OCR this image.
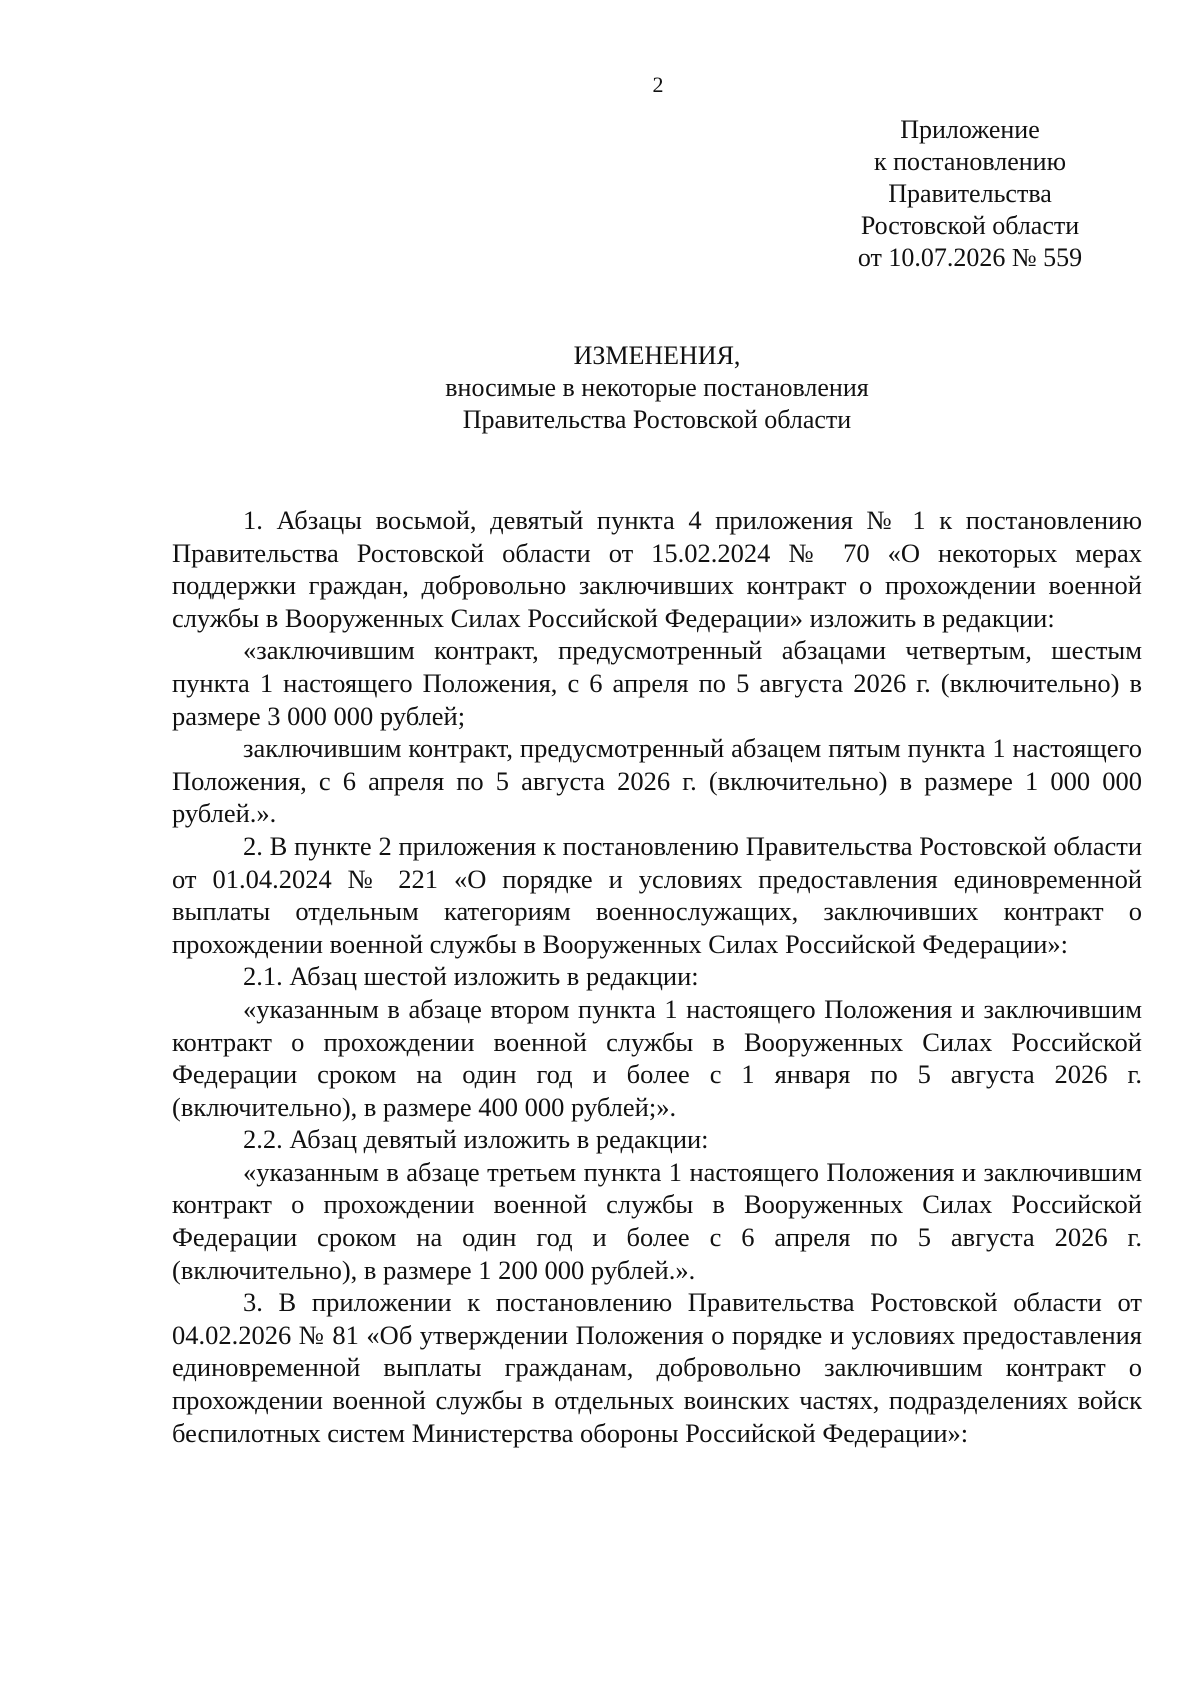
2
Приложение
к постановлению
Правительства
Ростовской области
от 10.07.2026 № 559
ИЗМЕНЕНИЯ,
вносимые в некоторые постановления
Правительства Ростовской области

1. Абзацы восьмой, девятый пункта 4 приложения № 1 к постановлению Правительства Ростовской области от 15.02.2024 № 70 «О некоторых мерах поддержки граждан, добровольно заключивших контракт о прохождении военной службы в Вооруженных Силах Российской Федерации» изложить в редакции:

«заключившим контракт, предусмотренный абзацами четвертым, шестым пункта 1 настоящего Положения, с 6 апреля по 5 августа 2026 г. (включительно) в размере 3 000 000 рублей;

заключившим контракт, предусмотренный абзацем пятым пункта 1 настоящего Положения, с 6 апреля по 5 августа 2026 г. (включительно) в размере 1 000 000 рублей.».

2. В пункте 2 приложения к постановлению Правительства Ростовской области от 01.04.2024 № 221 «О порядке и условиях предоставления единовременной выплаты отдельным категориям военнослужащих, заключивших контракт о прохождении военной службы в Вооруженных Силах Российской Федерации»:

2.1. Абзац шестой изложить в редакции:

«указанным в абзаце втором пункта 1 настоящего Положения и заключившим контракт о прохождении военной службы в Вооруженных Силах Российской Федерации сроком на один год и более с 1 января по 5 августа 2026 г. (включительно), в размере 400 000 рублей;».

2.2. Абзац девятый изложить в редакции:

«указанным в абзаце третьем пункта 1 настоящего Положения и заключившим контракт о прохождении военной службы в Вооруженных Силах Российской Федерации сроком на один год и более с 6 апреля по 5 августа 2026 г. (включительно), в размере 1 200 000 рублей.».

3. В приложении к постановлению Правительства Ростовской области от 04.02.2026 № 81 «Об утверждении Положения о порядке и условиях предоставления единовременной выплаты гражданам, добровольно заключившим контракт о прохождении военной службы в отдельных воинских частях, подразделениях войск беспилотных систем Министерства обороны Российской Федерации»:
